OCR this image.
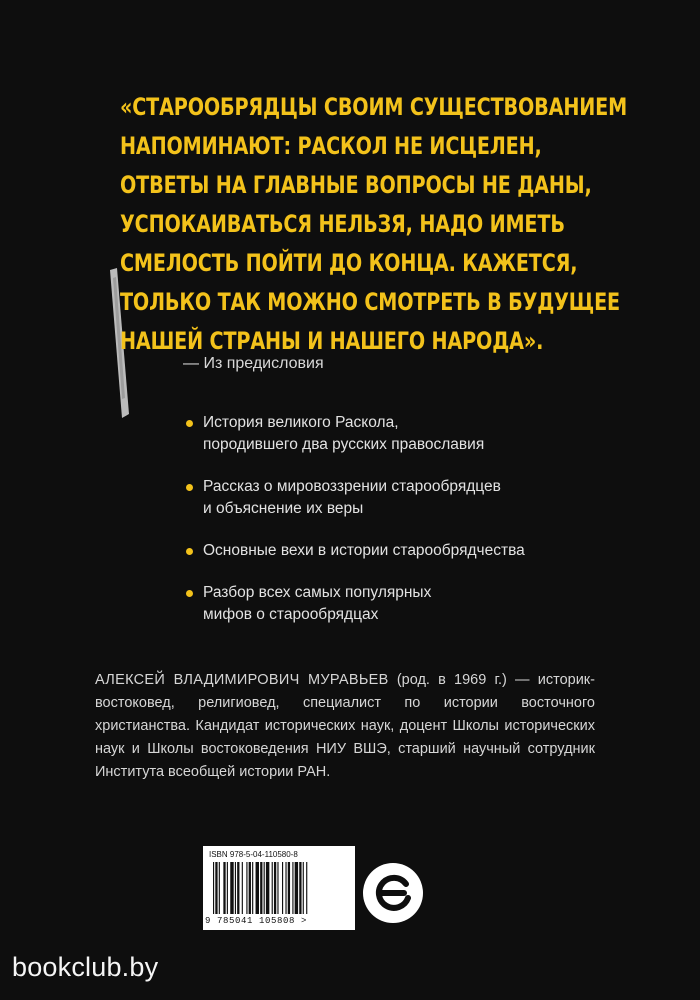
«СТАРООБРЯДЦЫ СВОИМ СУЩЕСТВОВАНИЕМ
НАПОМИНАЮТ: РАСКОЛ НЕ ИСЦЕЛЕН,
ОТВЕТЫ НА ГЛАВНЫЕ ВОПРОСЫ НЕ ДАНЫ,
УСПОКАИВАТЬСЯ НЕЛЬЗЯ, НАДО ИМЕТЬ
СМЕЛОСТЬ ПОЙТИ ДО КОНЦА. КАЖЕТСЯ,
ТОЛЬКО ТАК МОЖНО СМОТРЕТЬ В БУДУЩЕЕ
НАШЕЙ СТРАНЫ И НАШЕГО НАРОДА».
— Из предисловия
История великого Раскола,
породившего два русских православия
Рассказ о мировоззрении старообрядцев
и объяснение их веры
Основные вехи в истории старообрядчества
Разбор всех самых популярных
мифов о старообрядцах
АЛЕКСЕЙ ВЛАДИМИРОВИЧ МУРАВЬЕВ (род. в 1969 г.) — историк-востоковед, религиовед, специалист по истории восточного христианства. Кандидат исторических наук, доцент Школы исторических наук и Школы востоковедения НИУ ВШЭ, старший научный сотрудник Института всеобщей истории РАН.
ISBN 978-5-04-110580-8
9 785041 105808 >
bookclub.by
